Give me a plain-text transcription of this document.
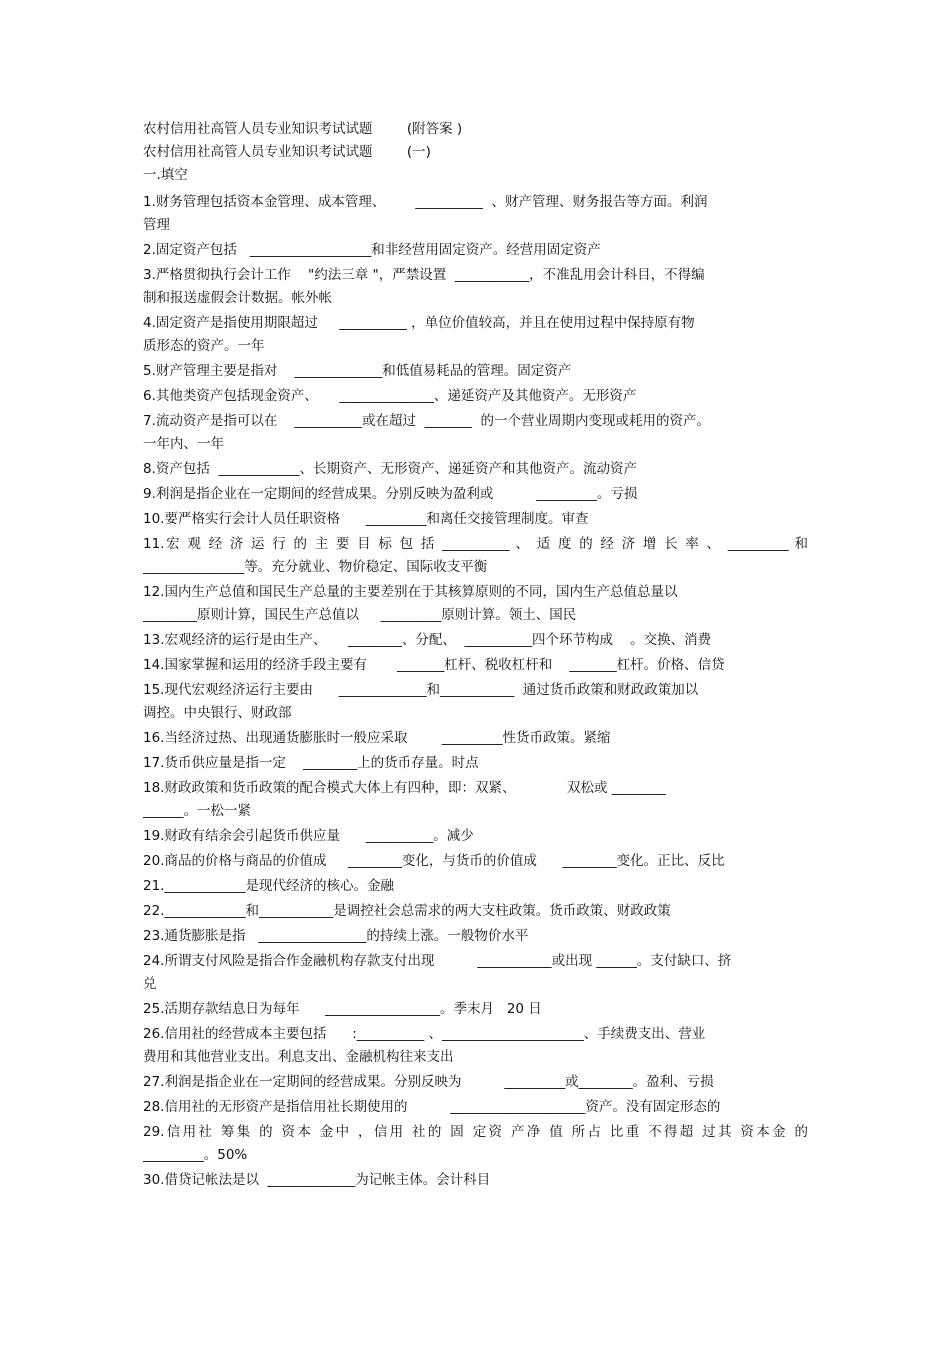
农村信用社高管人员专业知识考试试题        (附答案 )
农村信用社高管人员专业知识考试试题        (一)
一.填空
1.财务管理包括资本金管理、成本管理、       __________  、财产管理、财务报告等方面。利润
管理
2.固定资产包括   __________________和非经营用固定资产。经营用固定资产
3.严格贯彻执行会计工作    "约法三章 "，严禁设置  ___________，不准乱用会计科目，不得编
制和报送虚假会计数据。帐外帐
4.固定资产是指使用期限超过     __________ ，单位价值较高，并且在使用过程中保持原有物
质形态的资产。一年
5.财产管理主要是指对    _____________和低值易耗品的管理。固定资产
6.其他类资产包括现金资产、     ______________、递延资产及其他资产。无形资产
7.流动资产是指可以在    __________或在超过  _______  的一个营业周期内变现或耗用的资产。
一年内、一年
8.资产包括  ____________、长期资产、无形资产、递延资产和其他资产。流动资产
9.利润是指企业在一定期间的经营成果。分别反映为盈利或          _________。亏损
10.要严格实行会计人员任职资格      _________和离任交接管理制度。审查
11.宏 观 经 济 运 行 的 主 要 目 标 包 括 __________ 、 适 度 的 经 济 增 长 率 、 _________ 和
_______________等。充分就业、物价稳定、国际收支平衡
12.国内生产总值和国民生产总量的主要差别在于其核算原则的不同，国内生产总值总量以
________原则计算，国民生产总值以     _________原则计算。领土、国民
13.宏观经济的运行是由生产、     ________、分配、  __________四个环节构成    。交换、消费
14.国家掌握和运用的经济手段主要有       _______杠杆、税收杠杆和    _______杠杆。价格、信贷
15.现代宏观经济运行主要由      _____________和___________  通过货币政策和财政政策加以
调控。中央银行、财政部
16.当经济过热、出现通货膨胀时一般应采取        _________性货币政策。紧缩
17.货币供应量是指一定    ________上的货币存量。时点
18.财政政策和货币政策的配合模式大体上有四种，即：双紧、            双松或 ________
______。一松一紧
19.财政有结余会引起货币供应量      __________。减少
20.商品的价格与商品的价值成     ________变化，与货币的价值成      ________变化。正比、反比
21.____________是现代经济的核心。金融
22.____________和___________是调控社会总需求的两大支柱政策。货币政策、财政政策
23.通货膨胀是指   ________________的持续上涨。一般物价水平
24.所谓支付风险是指合作金融机构存款支付出现          ___________或出现 ______。支付缺口、挤
兑
25.活期存款结息日为每年      _________________。季末月   20 日
26.信用社的经营成本主要包括      :__________ 、_____________________、手续费支出、营业
费用和其他营业支出。利息支出、金融机构往来支出
27.利润是指企业在一定期间的经营成果。分别反映为          _________或________。盈利、亏损
28.信用社的无形资产是指信用社长期使用的          ____________________资产。没有固定形态的
29.信用社 筹集 的 资本 金中 ，信用 社的 固 定资 产净 值 所占 比重 不得超 过其 资本金 的
_________。50%
30.借贷记帐法是以  _____________为记帐主体。会计科目
